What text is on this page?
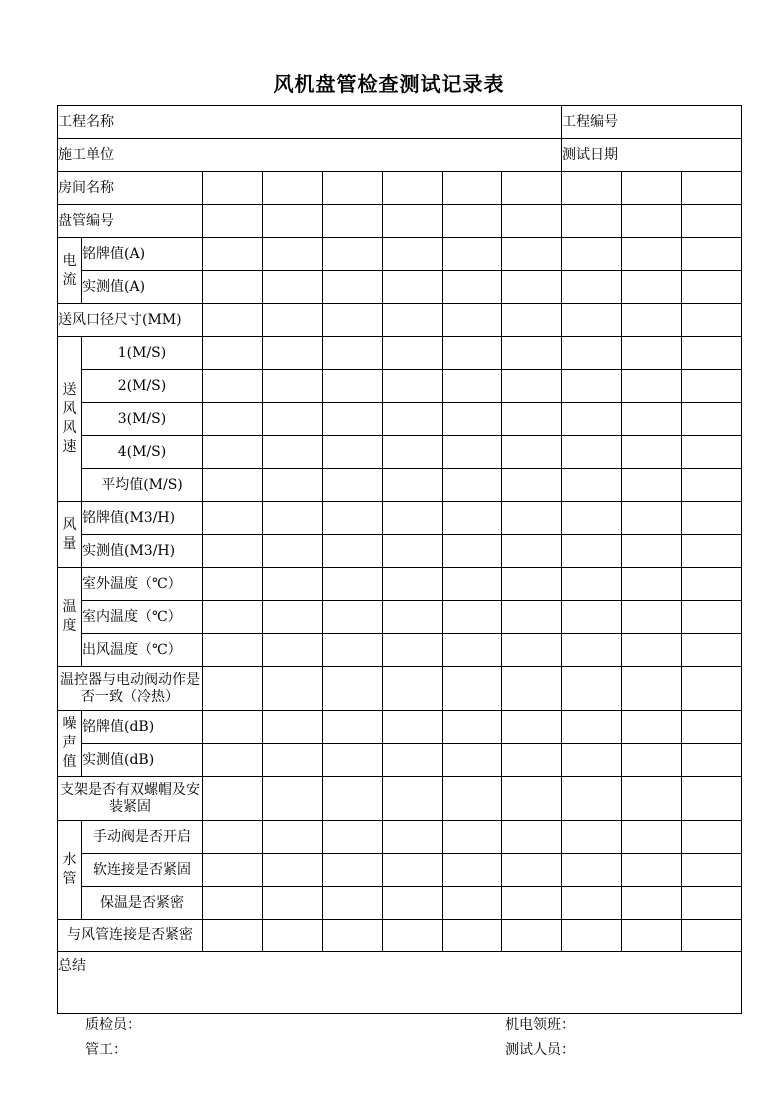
风机盘管检查测试记录表
工程名称								工程编号		
施工单位								测试日期		
房间名称										
盘管编号										
电流	铭牌值(A)									
	实测值(A)									
送风口径尺寸(MM)										
送风风速	1(M/S)									
	2(M/S)									
	3(M/S)									
	4(M/S)									
	平均值(M/S)									
风量	铭牌值(M3/H)									
	实测值(M3/H)									
温度	室外温度（℃）									
	室内温度（℃）									
	出风温度（℃）									
温控器与电动阀动作是否一致（冷热）										
噪声值	铭牌值(dB)									
	实测值(dB)									
支架是否有双螺帽及安装紧固										
水管	手动阀是否开启									
	软连接是否紧固									
	保温是否紧密									
与风管连接是否紧密										
总结										
质检员：	机电领班：
管工：	测试人员：
